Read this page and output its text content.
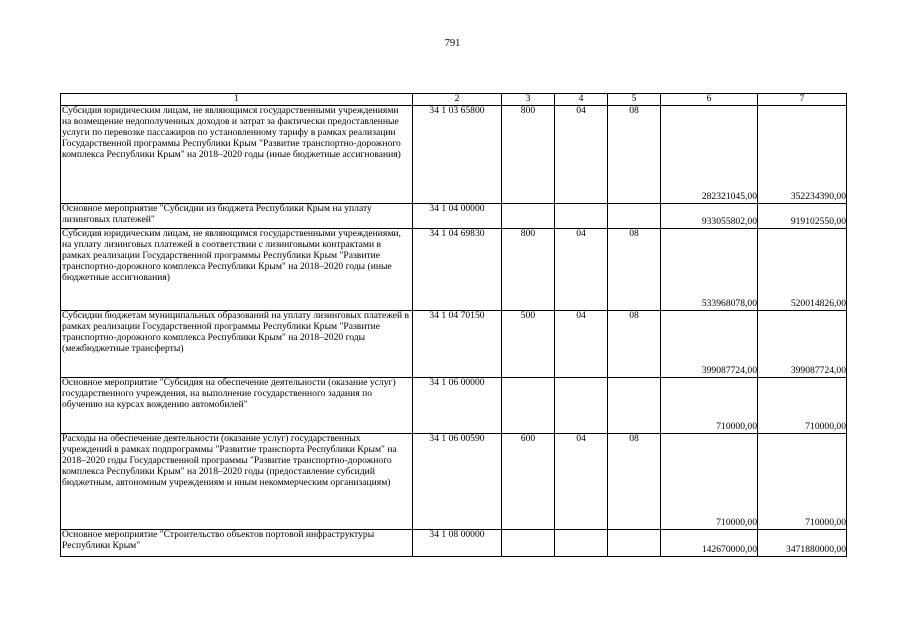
791
1	2	3	4	5	6	7
Субсидия юридическим лицам, не являющимся государственными учреждениями на возмещение недополученных доходов и затрат за фактически предоставленные услуги по перевозке пассажиров по установленному тарифу в рамках реализации Государственной программы Республики Крым "Развитие транспортно-дорожного комплекса Республики Крым" на 2018–2020 годы (иные бюджетные ассигнования)	34 1 03 65800	800	04	08	282321045,00	352234390,00
Основное мероприятие "Субсидии из бюджета Республики Крым на уплату лизинговых платежей"	34 1 04 00000				933055802,00	919102550,00
Субсидия юридическим лицам, не являющимся государственными учреждениями, на уплату лизинговых платежей в соответствии с лизинговыми контрактами в рамках реализации Государственной программы Республики Крым "Развитие транспортно-дорожного комплекса Республики Крым" на 2018–2020 годы (иные бюджетные ассигнования)	34 1 04 69830	800	04	08	533968078,00	520014826,00
Субсидии бюджетам муниципальных образований на уплату лизинговых платежей в рамках реализации Государственной программы Республики Крым "Развитие транспортно-дорожного комплекса Республики Крым" на 2018–2020 годы (межбюджетные трансферты)	34 1 04 70150	500	04	08	399087724,00	399087724,00
Основное мероприятие "Субсидия на обеспечение деятельности (оказание услуг) государственного учреждения, на выполнение государственного задания по обучению на курсах вождению автомобилей"	34 1 06 00000				710000,00	710000,00
Расходы на обеспечение деятельности (оказание услуг) государственных учреждений в рамках подпрограммы "Развитие транспорта Республики Крым" на 2018–2020 годы Государственной программы "Развитие транспортно-дорожного комплекса Республики Крым" на 2018–2020 годы (предоставление субсидий бюджетным, автономным учреждениям и иным некоммерческим организациям)	34 1 06 00590	600	04	08	710000,00	710000,00
Основное мероприятие "Строительство объектов портовой инфраструктуры Республики Крым"	34 1 08 00000				142670000,00	3471880000,00
